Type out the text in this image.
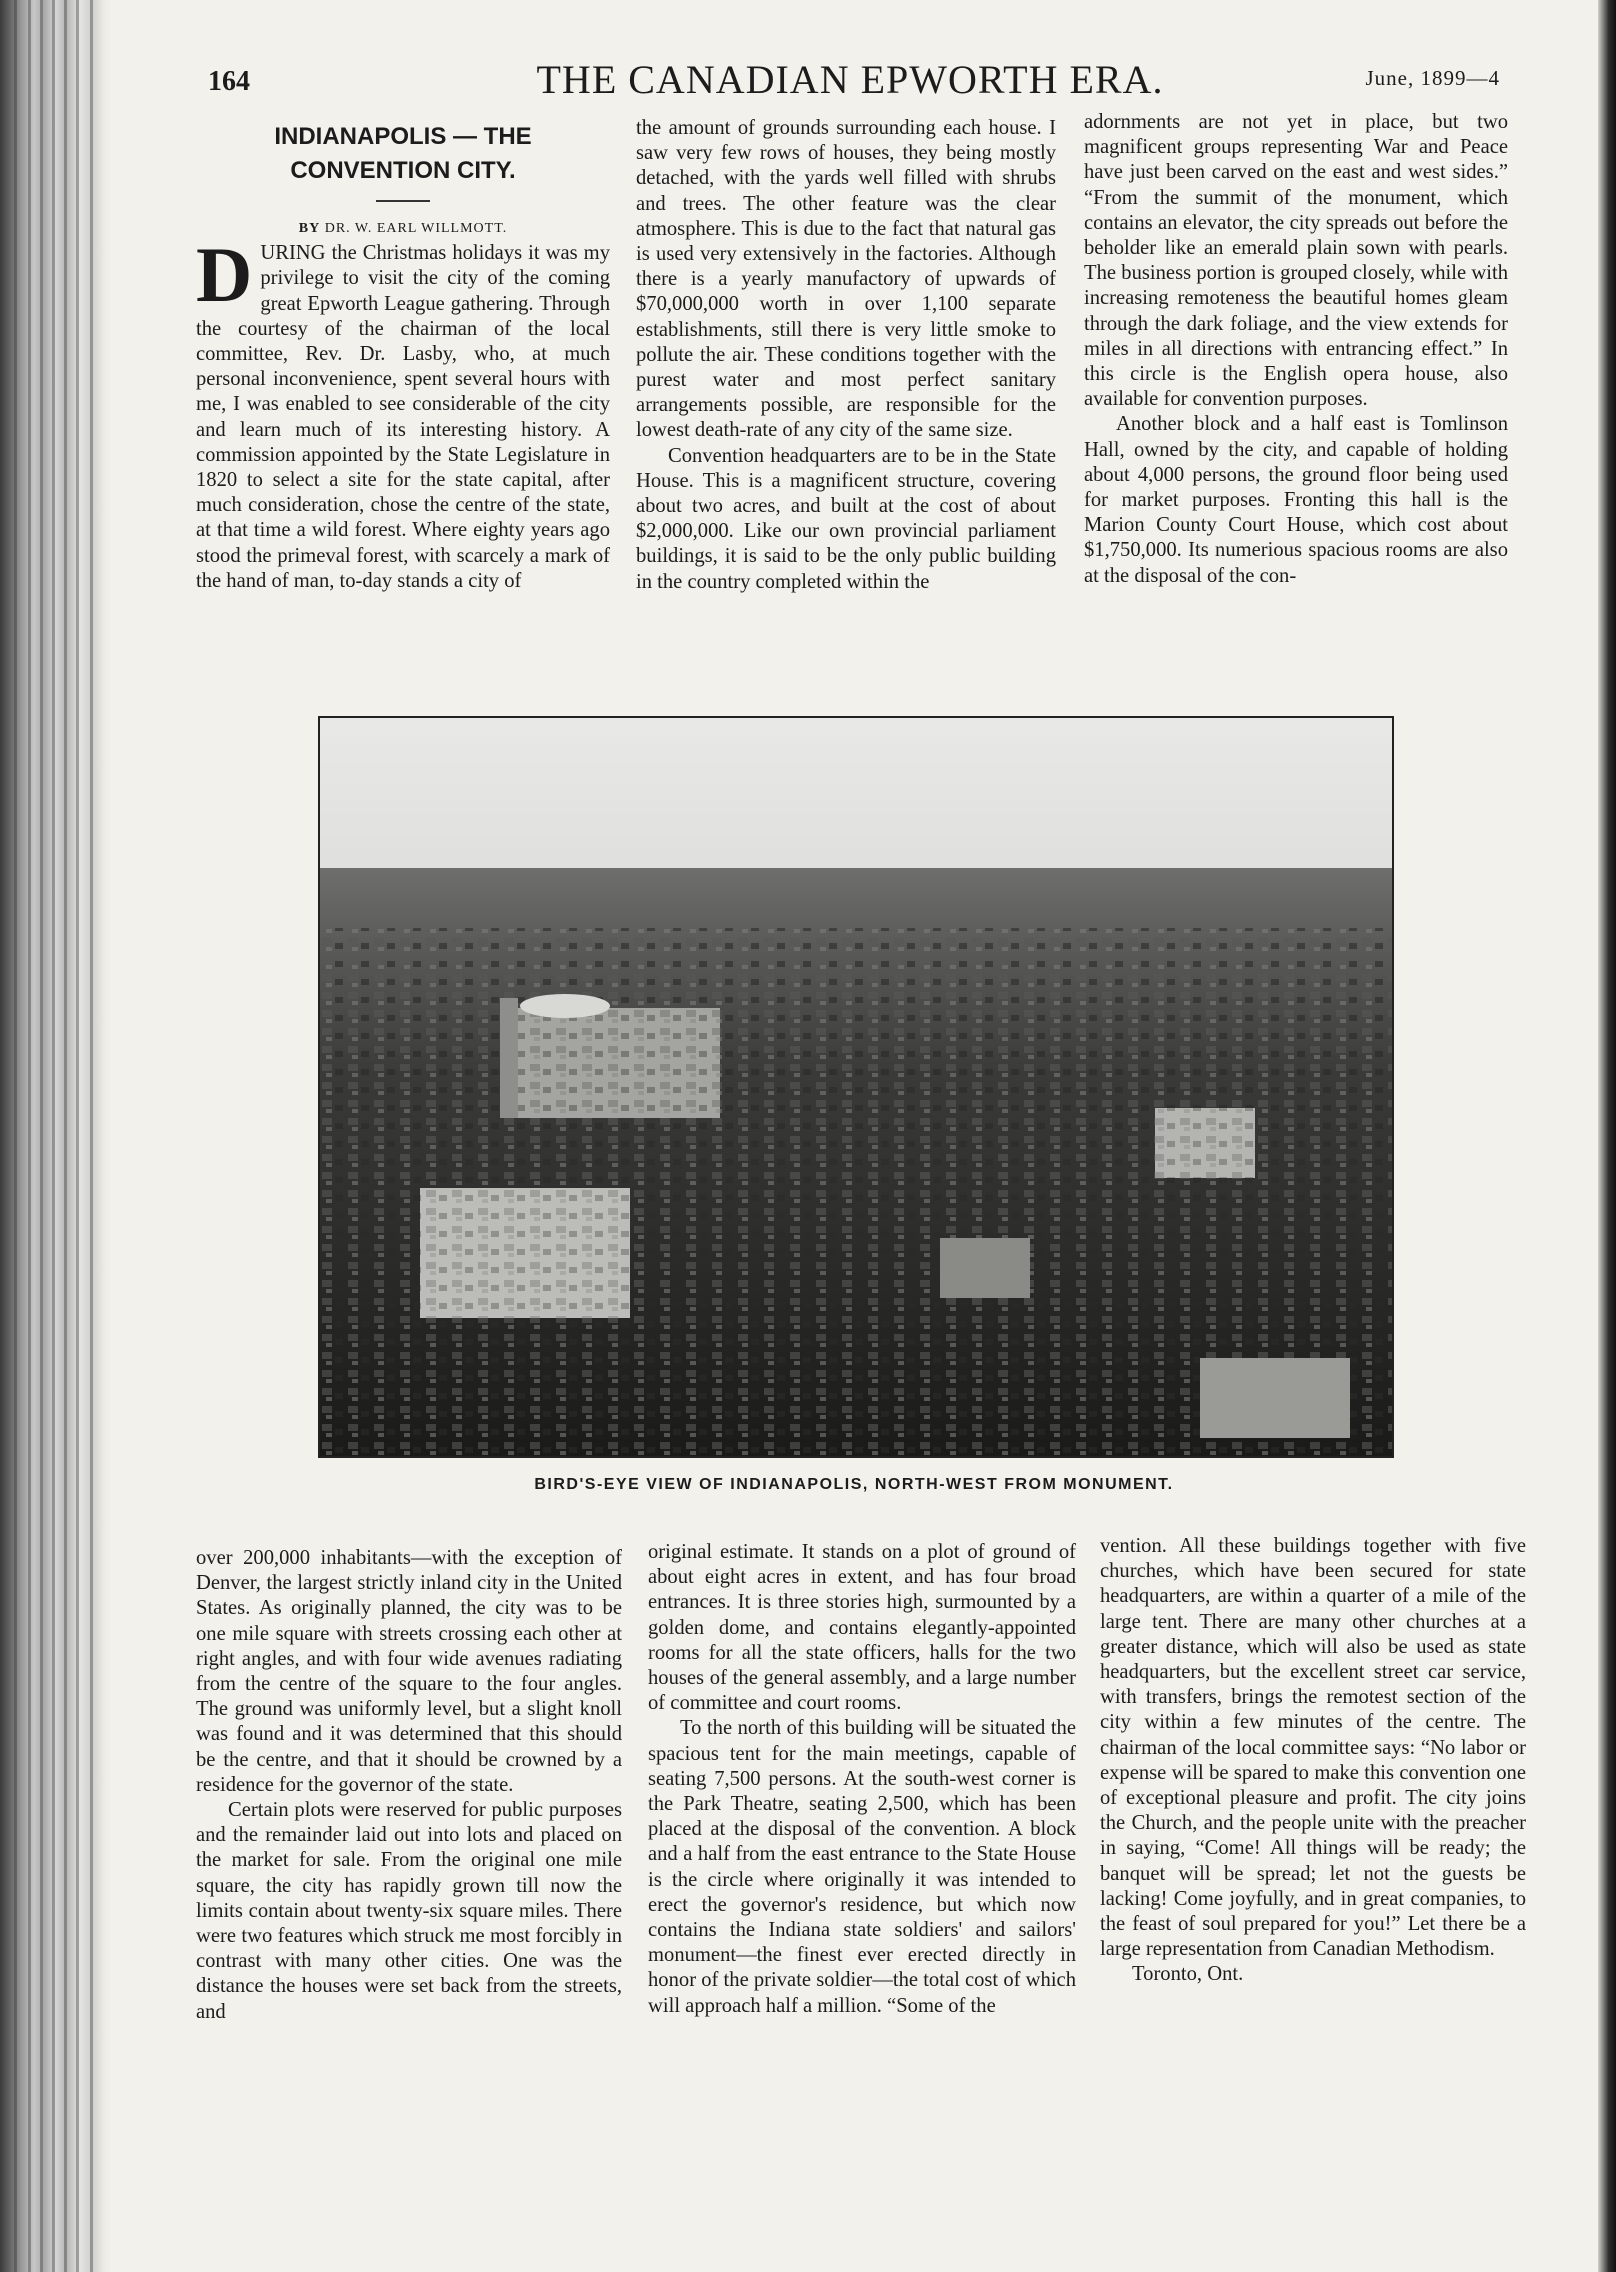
164	THE CANADIAN EPWORTH ERA.	June, 1899—4
INDIANAPOLIS — THE CONVENTION CITY.

BY DR. W. EARL WILLMOTT.

DURING the Christmas holidays it was my privilege to visit the city of the coming great Epworth League gathering. Through the courtesy of the chairman of the local committee, Rev. Dr. Lasby, who, at much personal inconvenience, spent several hours with me, I was enabled to see considerable of the city and learn much of its interesting history. A commission appointed by the State Legislature in 1820 to select a site for the state capital, after much consideration, chose the centre of the state, at that time a wild forest. Where eighty years ago stood the primeval forest, with scarcely a mark of the hand of man, to-day stands a city of

the amount of grounds surrounding each house. I saw very few rows of houses, they being mostly detached, with the yards well filled with shrubs and trees. The other feature was the clear atmosphere. This is due to the fact that natural gas is used very extensively in the factories. Although there is a yearly manufactory of upwards of $70,000,000 worth in over 1,100 separate establishments, still there is very little smoke to pollute the air. These conditions together with the purest water and most perfect sanitary arrangements possible, are responsible for the lowest death-rate of any city of the same size.

Convention headquarters are to be in the State House. This is a magnificent structure, covering about two acres, and built at the cost of about $2,000,000. Like our own provincial parliament buildings, it is said to be the only public building in the country completed within the

adornments are not yet in place, but two magnificent groups representing War and Peace have just been carved on the east and west sides.” “From the summit of the monument, which contains an elevator, the city spreads out before the beholder like an emerald plain sown with pearls. The business portion is grouped closely, while with increasing remoteness the beautiful homes gleam through the dark foliage, and the view extends for miles in all directions with entrancing effect.” In this circle is the English opera house, also available for convention purposes.

Another block and a half east is Tomlinson Hall, owned by the city, and capable of holding about 4,000 persons, the ground floor being used for market purposes. Fronting this hall is the Marion County Court House, which cost about $1,750,000. Its numerious spacious rooms are also at the disposal of the con-

BIRD'S-EYE VIEW OF INDIANAPOLIS, NORTH-WEST FROM MONUMENT.

over 200,000 inhabitants—with the exception of Denver, the largest strictly inland city in the United States. As originally planned, the city was to be one mile square with streets crossing each other at right angles, and with four wide avenues radiating from the centre of the square to the four angles. The ground was uniformly level, but a slight knoll was found and it was determined that this should be the centre, and that it should be crowned by a residence for the governor of the state.

Certain plots were reserved for public purposes and the remainder laid out into lots and placed on the market for sale. From the original one mile square, the city has rapidly grown till now the limits contain about twenty-six square miles. There were two features which struck me most forcibly in contrast with many other cities. One was the distance the houses were set back from the streets, and

original estimate. It stands on a plot of ground of about eight acres in extent, and has four broad entrances. It is three stories high, surmounted by a golden dome, and contains elegantly-appointed rooms for all the state officers, halls for the two houses of the general assembly, and a large number of committee and court rooms.

To the north of this building will be situated the spacious tent for the main meetings, capable of seating 7,500 persons. At the south-west corner is the Park Theatre, seating 2,500, which has been placed at the disposal of the convention. A block and a half from the east entrance to the State House is the circle where originally it was intended to erect the governor's residence, but which now contains the Indiana state soldiers' and sailors' monument—the finest ever erected directly in honor of the private soldier—the total cost of which will approach half a million. “Some of the

vention. All these buildings together with five churches, which have been secured for state headquarters, are within a quarter of a mile of the large tent. There are many other churches at a greater distance, which will also be used as state headquarters, but the excellent street car service, with transfers, brings the remotest section of the city within a few minutes of the centre. The chairman of the local committee says: “No labor or expense will be spared to make this convention one of exceptional pleasure and profit. The city joins the Church, and the people unite with the preacher in saying, “Come! All things will be ready; the banquet will be spread; let not the guests be lacking! Come joyfully, and in great companies, to the feast of soul prepared for you!” Let there be a large representation from Canadian Methodism.

Toronto, Ont.
